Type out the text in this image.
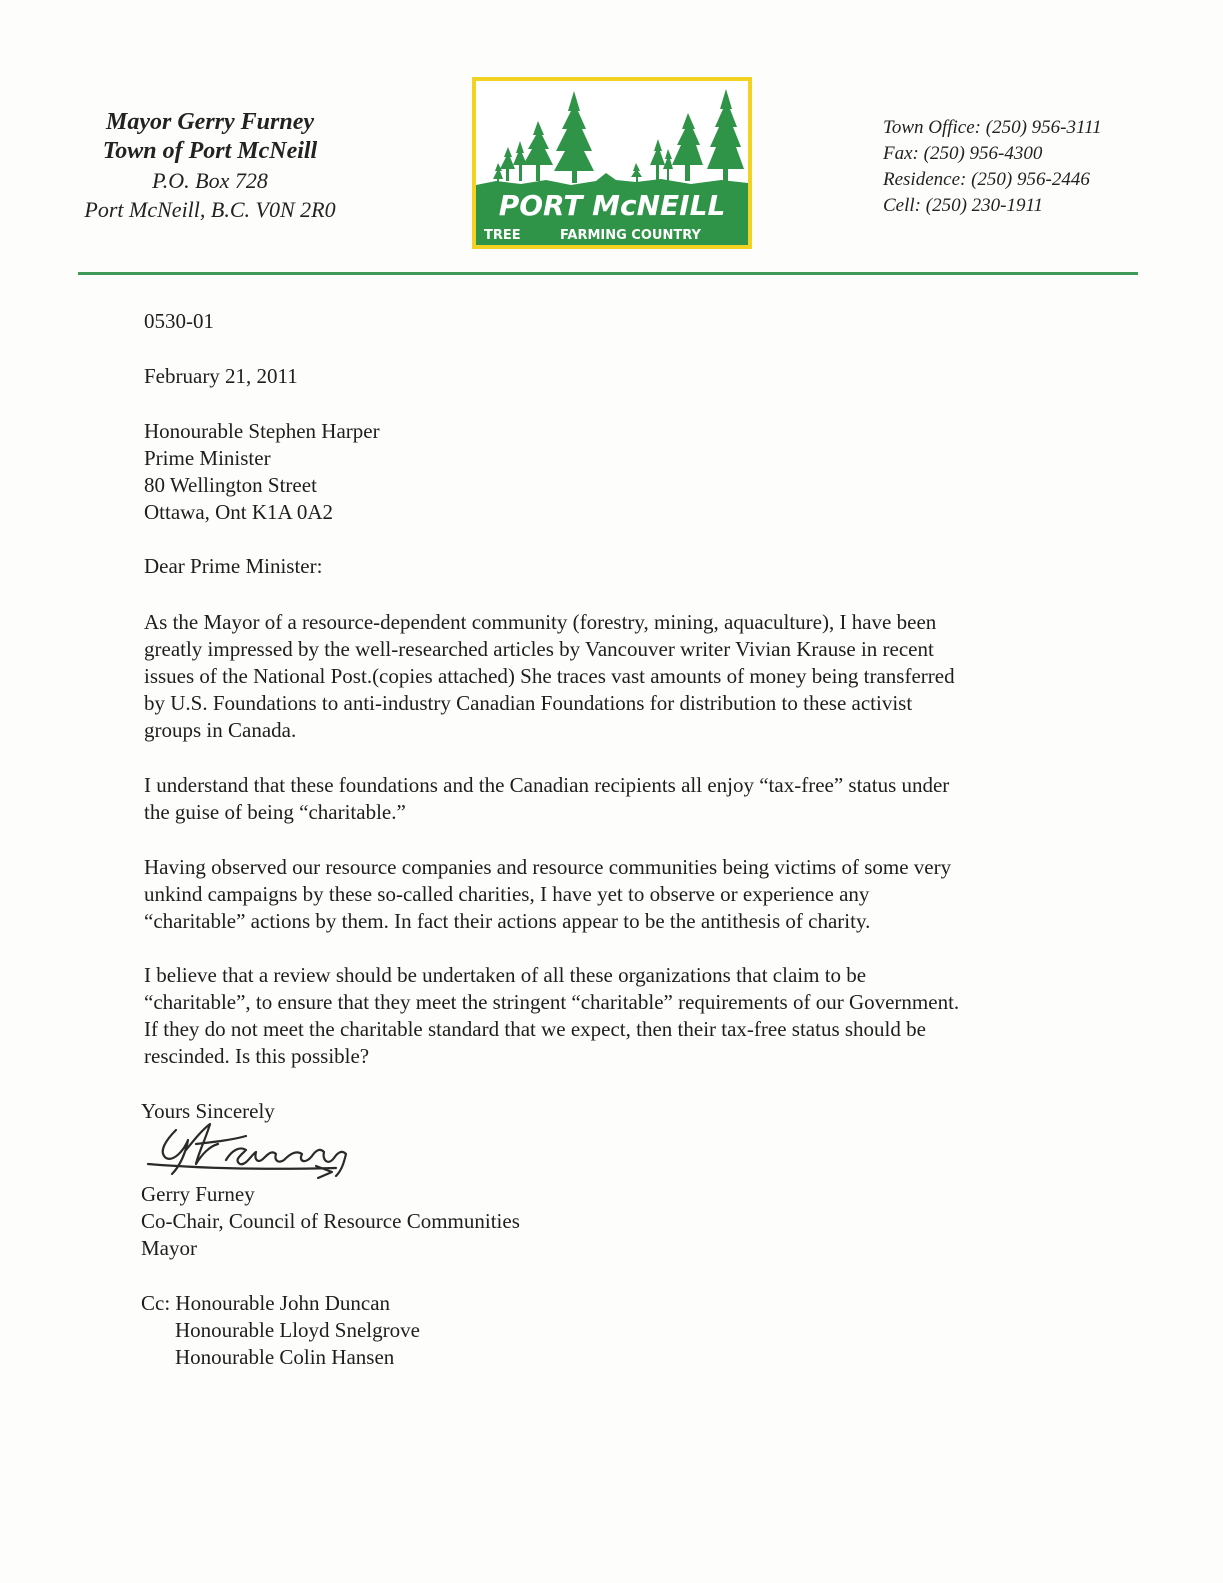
Mayor Gerry Furney
Town of Port McNeill
P.O. Box 728
Port McNeill, B.C. V0N 2R0	PORT McNEILL
TREE	FARMING COUNTRY
Town Office: (250) 956-3111
Fax: (250) 956-4300
Residence: (250) 956-2446
Cell: (250) 230-1911
0530-01
February 21, 2011
Honourable Stephen Harper
Prime Minister
80 Wellington Street
Ottawa, Ont K1A 0A2
Dear Prime Minister:
As the Mayor of a resource-dependent community (forestry, mining, aquaculture), I have been
greatly impressed by the well-researched articles by Vancouver writer Vivian Krause in recent
issues of the National Post.(copies attached) She traces vast amounts of money being transferred
by U.S. Foundations to anti-industry Canadian Foundations for distribution to these activist
groups in Canada.
I understand that these foundations and the Canadian recipients all enjoy “tax-free” status under
the guise of being “charitable.”
Having observed our resource companies and resource communities being victims of some very
unkind campaigns by these so-called charities, I have yet to observe or experience any
“charitable” actions by them. In fact their actions appear to be the antithesis of charity.
I believe that a review should be undertaken of all these organizations that claim to be
“charitable”, to ensure that they meet the stringent “charitable” requirements of our Government.
If they do not meet the charitable standard that we expect, then their tax-free status should be
rescinded. Is this possible?
Yours Sincerely
Gerry Furney
Co-Chair, Council of Resource Communities
Mayor
Cc: Honourable John Duncan
Honourable Lloyd Snelgrove
Honourable Colin Hansen
